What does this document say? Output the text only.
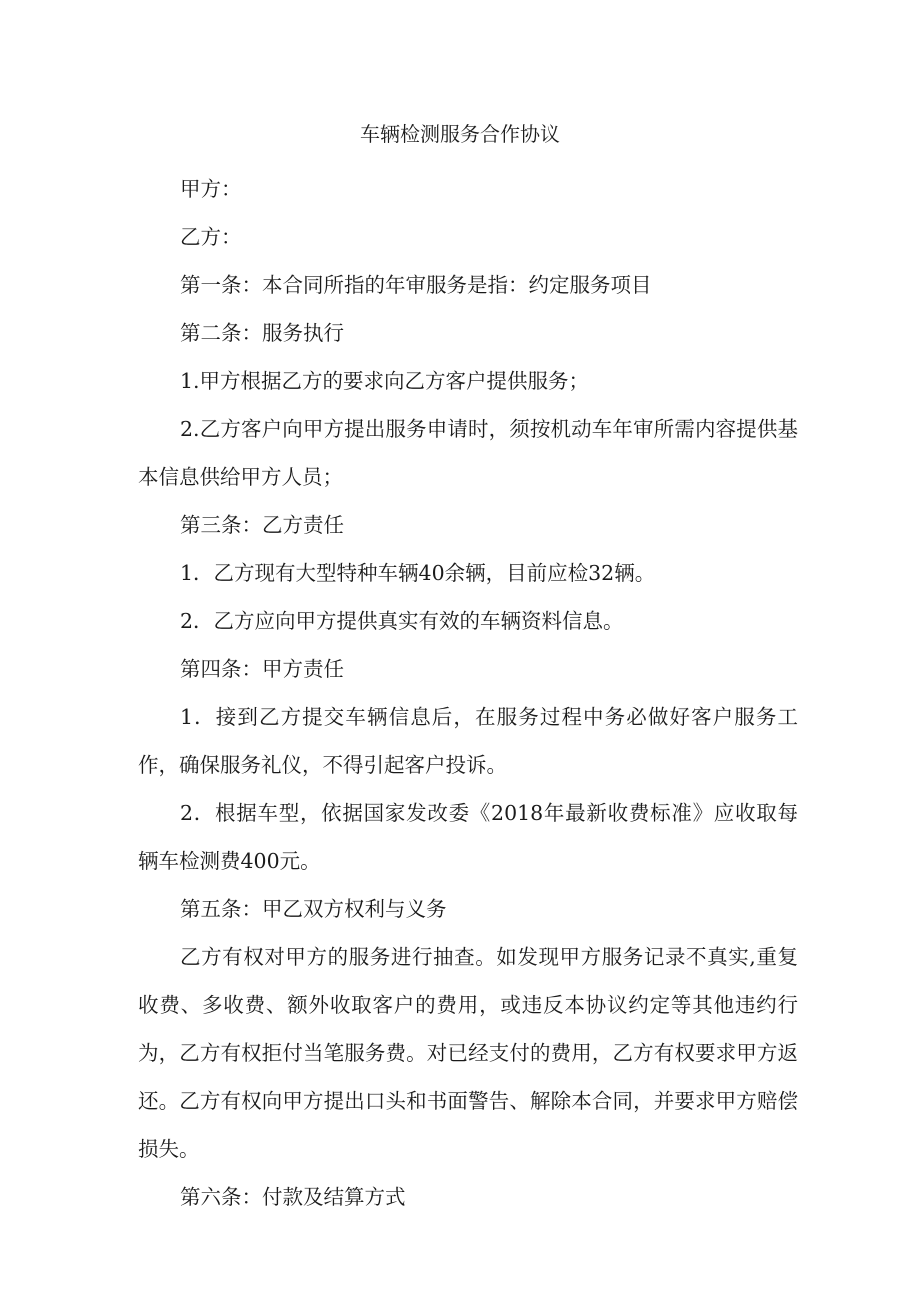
车辆检测服务合作协议

甲方：

乙方：

第一条：本合同所指的年审服务是指：约定服务项目

第二条：服务执行

1.甲方根据乙方的要求向乙方客户提供服务；

2.乙方客户向甲方提出服务申请时，须按机动车年审所需内容提供基本信息供给甲方人员；

第三条：乙方责任

1．乙方现有大型特种车辆40余辆，目前应检32辆。

2．乙方应向甲方提供真实有效的车辆资料信息。

第四条：甲方责任

1．接到乙方提交车辆信息后，在服务过程中务必做好客户服务工作，确保服务礼仪，不得引起客户投诉。

2．根据车型，依据国家发改委《2018年最新收费标准》应收取每辆车检测费400元。

第五条：甲乙双方权利与义务

乙方有权对甲方的服务进行抽查。如发现甲方服务记录不真实,重复收费、多收费、额外收取客户的费用，或违反本协议约定等其他违约行为，乙方有权拒付当笔服务费。对已经支付的费用，乙方有权要求甲方返还。乙方有权向甲方提出口头和书面警告、解除本合同，并要求甲方赔偿损失。

第六条：付款及结算方式
